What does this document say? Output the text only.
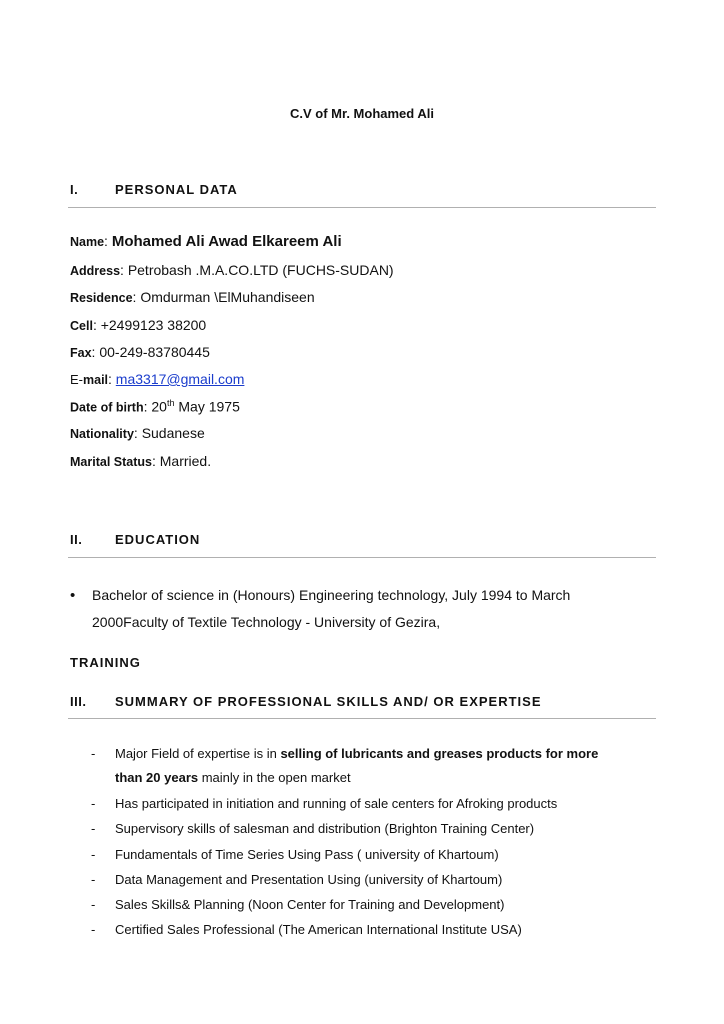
C.V of Mr. Mohamed Ali
I.	PERSONAL DATA
Name: Mohamed Ali Awad Elkareem Ali
Address: Petrobash .M.A.CO.LTD (FUCHS-SUDAN)
Residence: Omdurman \ElMuhandiseen
Cell: +2499123 38200
Fax: 00-249-83780445
E-mail: ma3317@gmail.com
Date of birth: 20th May 1975
Nationality: Sudanese
Marital Status: Married.
II.	EDUCATION
• Bachelor of science in (Honours) Engineering technology, July 1994 to March
2000Faculty of Textile Technology - University of Gezira,
TRAINING
III. SUMMARY OF PROFESSIONAL SKILLS AND/ OR EXPERTISE
- Major Field of expertise is in selling of lubricants and greases products for more
than 20 years mainly in the open market
- Has participated in initiation and running of sale centers for Afroking products
- Supervisory skills of salesman and distribution (Brighton Training Center)
- Fundamentals of Time Series Using Pass ( university of Khartoum)
- Data Management and Presentation Using (university of Khartoum)
- Sales Skills& Planning (Noon Center for Training and Development)
- Certified Sales Professional (The American International Institute USA)
